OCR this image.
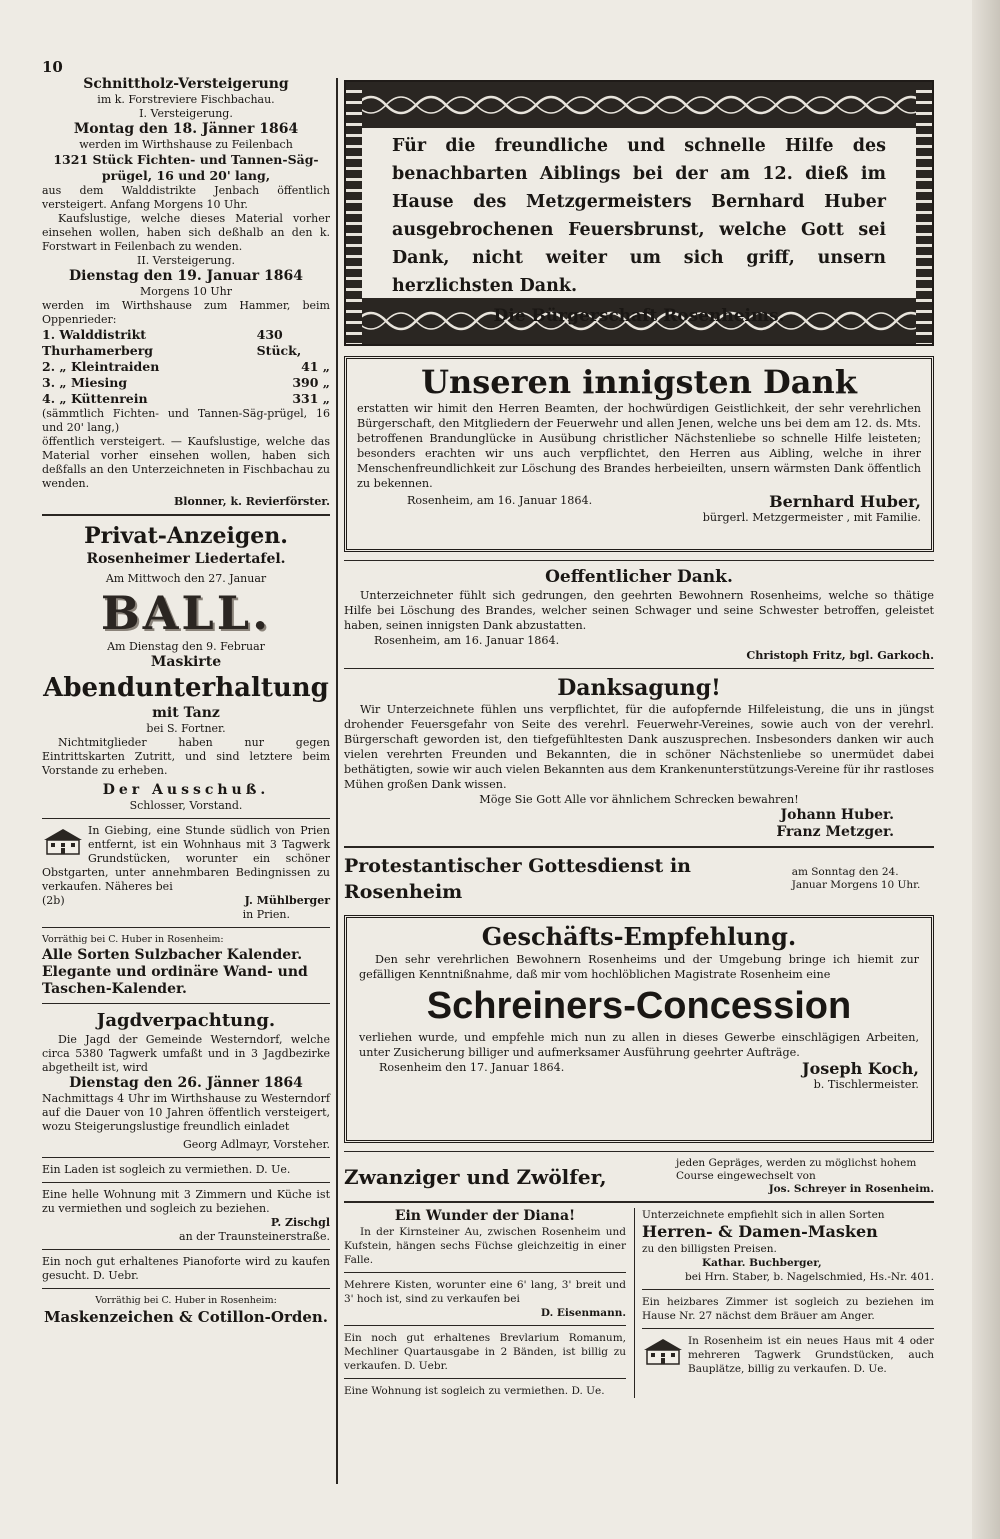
10
Schnittholz-Versteigerung
im k. Forstreviere Fischbachau.
I. Versteigerung.
Montag den 18. Jänner 1864
werden im Wirthshause zu Feilenbach
1321 Stück Fichten- und Tannen-Säg-prügel, 16 und 20' lang,

aus dem Walddistrikte Jenbach öffentlich versteigert. Anfang Morgens 10 Uhr.

Kaufslustige, welche dieses Material vorher einsehen wollen, haben sich deßhalb an den k. Forstwart in Feilenbach zu wenden.

II. Versteigerung.
Dienstag den 19. Januar 1864
Morgens 10 Uhr

werden im Wirthshause zum Hammer, beim Oppenrieder:

1. Walddistrikt Thurhamerberg
430 Stück,
2. „ Kleintraiden	41 „
3. „ Miesing	390 „
4. „ Küttenrein	331 „

(sämmtlich Fichten- und Tannen-Säg-prügel, 16 und 20' lang,)

öffentlich versteigert. — Kaufslustige, welche das Material vorher einsehen wollen, haben sich deßfalls an den Unterzeichneten in Fischbachau zu wenden.

Blonner, k. Revierförster.
Privat-Anzeigen.
Rosenheimer Liedertafel.
Am Mittwoch den 27. Januar
BALL.
Am Dienstag den 9. Februar
Maskirte
Abendunterhaltung
mit Tanz
bei S. Fortner.

Nichtmitglieder haben nur gegen Eintrittskarten Zutritt, und sind letztere beim Vorstande zu erheben.

Der Ausschuß.
Schlosser, Vorstand.

In Giebing, eine Stunde südlich von Prien entfernt, ist ein Wohnhaus mit 3 Tagwerk Grundstücken, worunter ein schöner Obstgarten, unter annehmbaren Bedingnissen zu verkaufen. Näheres bei

(2b)	J. Mühlberger
in Prien.
Vorräthig bei C. Huber in Rosenheim:
Alle Sorten Sulzbacher Kalender.
Elegante und ordinäre Wand- und Taschen-Kalender.
Jagdverpachtung.

Die Jagd der Gemeinde Westerndorf, welche circa 5380 Tagwerk umfaßt und in 3 Jagdbezirke abgetheilt ist, wird

Dienstag den 26. Jänner 1864

Nachmittags 4 Uhr im Wirthshause zu Westerndorf auf die Dauer von 10 Jahren öffentlich versteigert, wozu Steigerungslustige freundlich einladet

Georg Adlmayr, Vorsteher.

Ein Laden ist sogleich zu vermiethen. D. Ue.

Eine helle Wohnung mit 3 Zimmern und Küche ist zu vermiethen und sogleich zu beziehen.

P. Zischgl
an der Traunsteinerstraße.

Ein noch gut erhaltenes Pianoforte wird zu kaufen gesucht. D. Uebr.

Vorräthig bei C. Huber in Rosenheim:
Maskenzeichen & Cotillon-Orden.

Für die freundliche und schnelle Hilfe des benachbarten Aiblings bei der am 12. dieß im Hause des Metzgermeisters Bernhard Huber ausgebrochenen Feuersbrunst, welche Gott sei Dank, nicht weiter um sich griff, unsern herzlichsten Dank.

Die Bürgerschaft Rosenheims.
Unseren innigsten Dank

erstatten wir himit den Herren Beamten, der hochwürdigen Geistlichkeit, der sehr verehrlichen Bürgerschaft, den Mitgliedern der Feuerwehr und allen Jenen, welche uns bei dem am 12. ds. Mts. betroffenen Brandunglücke in Ausübung christlicher Nächstenliebe so schnelle Hilfe leisteten; besonders erachten wir uns auch verpflichtet, den Herren aus Aibling, welche in ihrer Menschenfreundlichkeit zur Löschung des Brandes herbeieilten, unsern wärmsten Dank öffentlich zu bekennen.

Rosenheim, am 16. Januar 1864.	Bernhard Huber,
bürgerl. Metzgermeister , mit Familie.
Oeffentlicher Dank.

Unterzeichneter fühlt sich gedrungen, den geehrten Bewohnern Rosenheims, welche so thätige Hilfe bei Löschung des Brandes, welcher seinen Schwager und seine Schwester betroffen, geleistet haben, seinen innigsten Dank abzustatten.

Rosenheim, am 16. Januar 1864.
Christoph Fritz, bgl. Garkoch.
Danksagung!

Wir Unterzeichnete fühlen uns verpflichtet, für die aufopfernde Hilfeleistung, die uns in jüngst drohender Feuersgefahr von Seite des verehrl. Feuerwehr-Vereines, sowie auch von der verehrl. Bürgerschaft geworden ist, den tiefgefühltesten Dank auszusprechen. Insbesonders danken wir auch vielen verehrten Freunden und Bekannten, die in schöner Nächstenliebe so unermüdet dabei bethätigten, sowie wir auch vielen Bekannten aus dem Krankenunterstützungs-Vereine für ihr rastloses Mühen großen Dank wissen.

Möge Sie Gott Alle vor ähnlichem Schrecken bewahren!
Johann Huber.
Franz Metzger.
Protestantischer Gottesdienst in Rosenheim
am Sonntag den 24. Januar Morgens 10 Uhr.
Geschäfts-Empfehlung.

Den sehr verehrlichen Bewohnern Rosenheims und der Umgebung bringe ich hiemit zur gefälligen Kenntnißnahme, daß mir vom hochlöblichen Magistrate Rosenheim eine

Schreiners-Concession

verliehen wurde, und empfehle mich nun zu allen in dieses Gewerbe einschlägigen Arbeiten, unter Zusicherung billiger und aufmerksamer Ausführung geehrter Aufträge.

Rosenheim den 17. Januar 1864.	Joseph Koch,
b. Tischlermeister.
Zwanziger und Zwölfer,
jeden Gepräges, werden zu möglichst hohem Course eingewechselt von

Jos. Schreyer in Rosenheim.
Ein Wunder der Diana!

In der Kirnsteiner Au, zwischen Rosenheim und Kufstein, hängen sechs Füchse gleichzeitig in einer Falle.

Mehrere Kisten, worunter eine 6' lang, 3' breit und 3' hoch ist, sind zu verkaufen bei

D. Eisenmann.

Ein noch gut erhaltenes Brevlarium Romanum, Mechliner Quartausgabe in 2 Bänden, ist billig zu verkaufen. D. Uebr.

Eine Wohnung ist sogleich zu vermiethen. D. Ue.

Unterzeichnete empfiehlt sich in allen Sorten
Herren- & Damen-Masken
zu den billigsten Preisen.
Kathar. Buchberger,
bei Hrn. Staber, b. Nagelschmied, Hs.-Nr. 401.

Ein heizbares Zimmer ist sogleich zu beziehen im Hause Nr. 27 nächst dem Bräuer am Anger.

In Rosenheim ist ein neues Haus mit 4 oder mehreren Tagwerk Grundstücken, auch Bauplätze, billig zu verkaufen. D. Ue.
